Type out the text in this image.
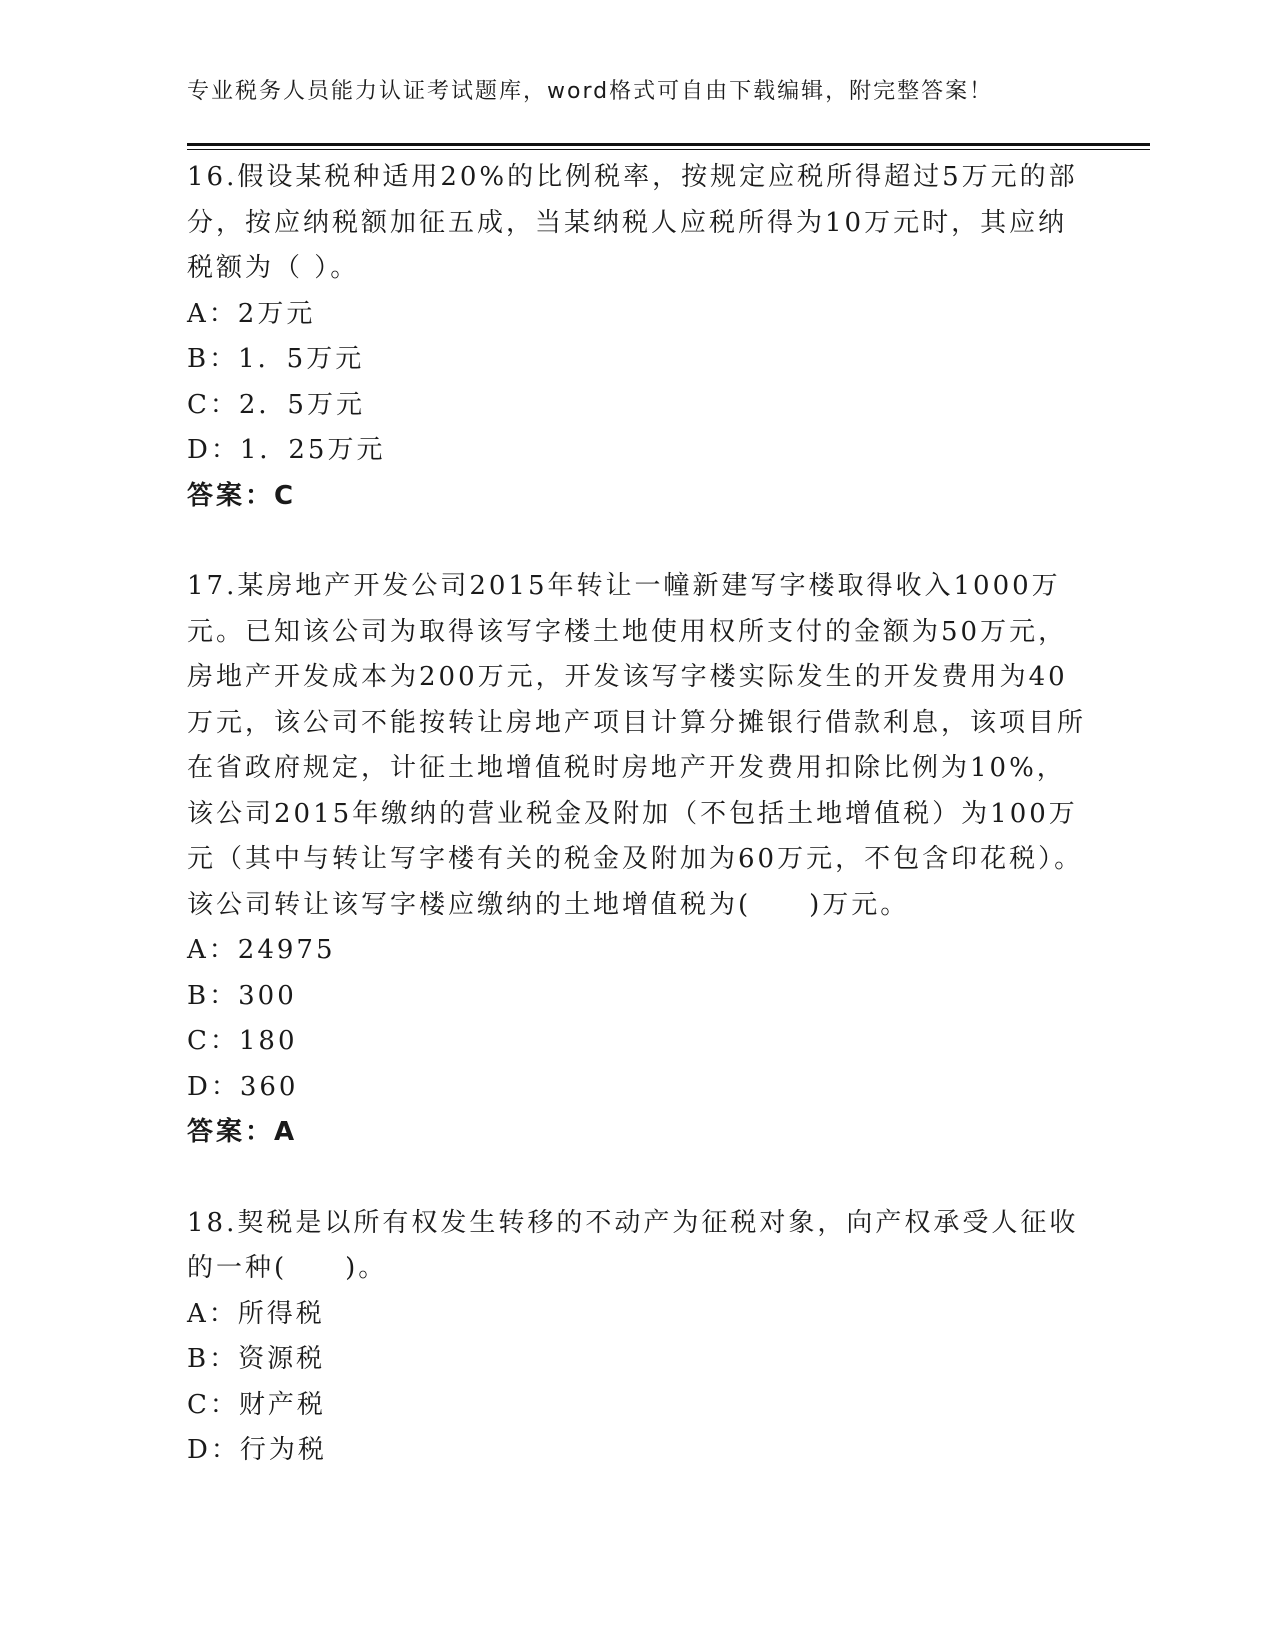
专业税务人员能力认证考试题库，word格式可自由下载编辑，附完整答案！

16.假设某税种适用20%的比例税率，按规定应税所得超过5万元的部分，按应纳税额加征五成，当某纳税人应税所得为10万元时，其应纳税额为（ ）。

A：2万元

B：1．5万元

C：2．5万元

D：1．25万元

答案：C

17.某房地产开发公司2015年转让一幢新建写字楼取得收入1000万元。已知该公司为取得该写字楼土地使用权所支付的金额为50万元，房地产开发成本为200万元，开发该写字楼实际发生的开发费用为40万元，该公司不能按转让房地产项目计算分摊银行借款利息，该项目所在省政府规定，计征土地增值税时房地产开发费用扣除比例为10%，该公司2015年缴纳的营业税金及附加（不包括土地增值税）为100万元（其中与转让写字楼有关的税金及附加为60万元，不包含印花税）。该公司转让该写字楼应缴纳的土地增值税为(　　)万元。

A：24975

B：300

C：180

D：360

答案：A

18.契税是以所有权发生转移的不动产为征税对象，向产权承受人征收的一种(　　)。

A：所得税

B：资源税

C：财产税

D：行为税
